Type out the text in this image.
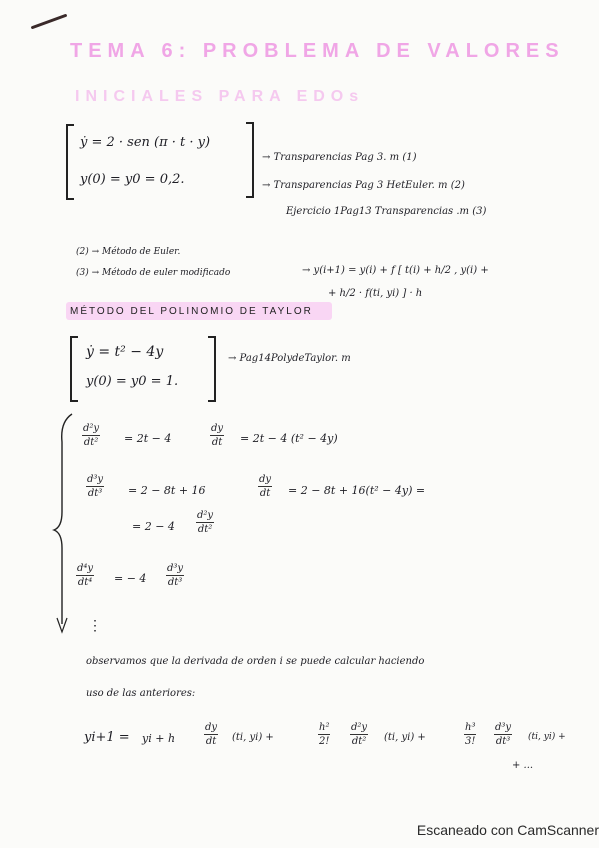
TEMA 6: PROBLEMA DE VALORES
INICIALES PARA EDOs
ẏ = 2 · sen (π · t · y)
y(0) = y0 = 0,2.
→ Transparencias Pag 3. m (1)
→ Transparencias Pag 3 HetEuler. m (2)
Ejercicio 1Pag13 Transparencias .m (3)
(2) → Método de Euler.
(3) → Método de euler modificado	→ y(i+1) = y(i) + f [ t(i) + h/2 , y(i) +
+ h/2 · f(ti, yi) ] · h
MÉTODO DEL POLINOMIO DE TAYLOR
ẏ = t² − 4y
y(0) = y0 = 1.
→ Pag14PolydeTaylor. m
$\frac{\text{d²y}}{\text{dt²}} = 2t - 4$	$\frac{dy}{dt} = 2t - 4$ (t² − 4y)
$\frac{\text{d³y}}{\text{dt³}} = 2 - 8t + 16$	$\frac{dy}{dt} = 2 - 8t + 16(t^2 - 4y)$ =
= $2 - 4 \frac{\text{d²y}}{\text{dt²}}$
$\frac{\text{d⁴y}}{\text{dt⁴}}$ = − $4 \frac{\text{d³y}}{\text{dt³}}$
⋮
observamos que la derivada de orden i se puede calcular haciendo
uso de las anteriores:
yi+1 = yi + h	$\frac{dy}{dt} (ti$, yi) +	$\frac{\text{h²}}{2!} \frac{\text{d²y}}{\text{dt²}} (ti$, yi) +	$\frac{\text{h³}}{3!} \frac{\text{d³y}}{\text{dt³}} (ti$, yi) +
+ ...
Escaneado con CamScanner
